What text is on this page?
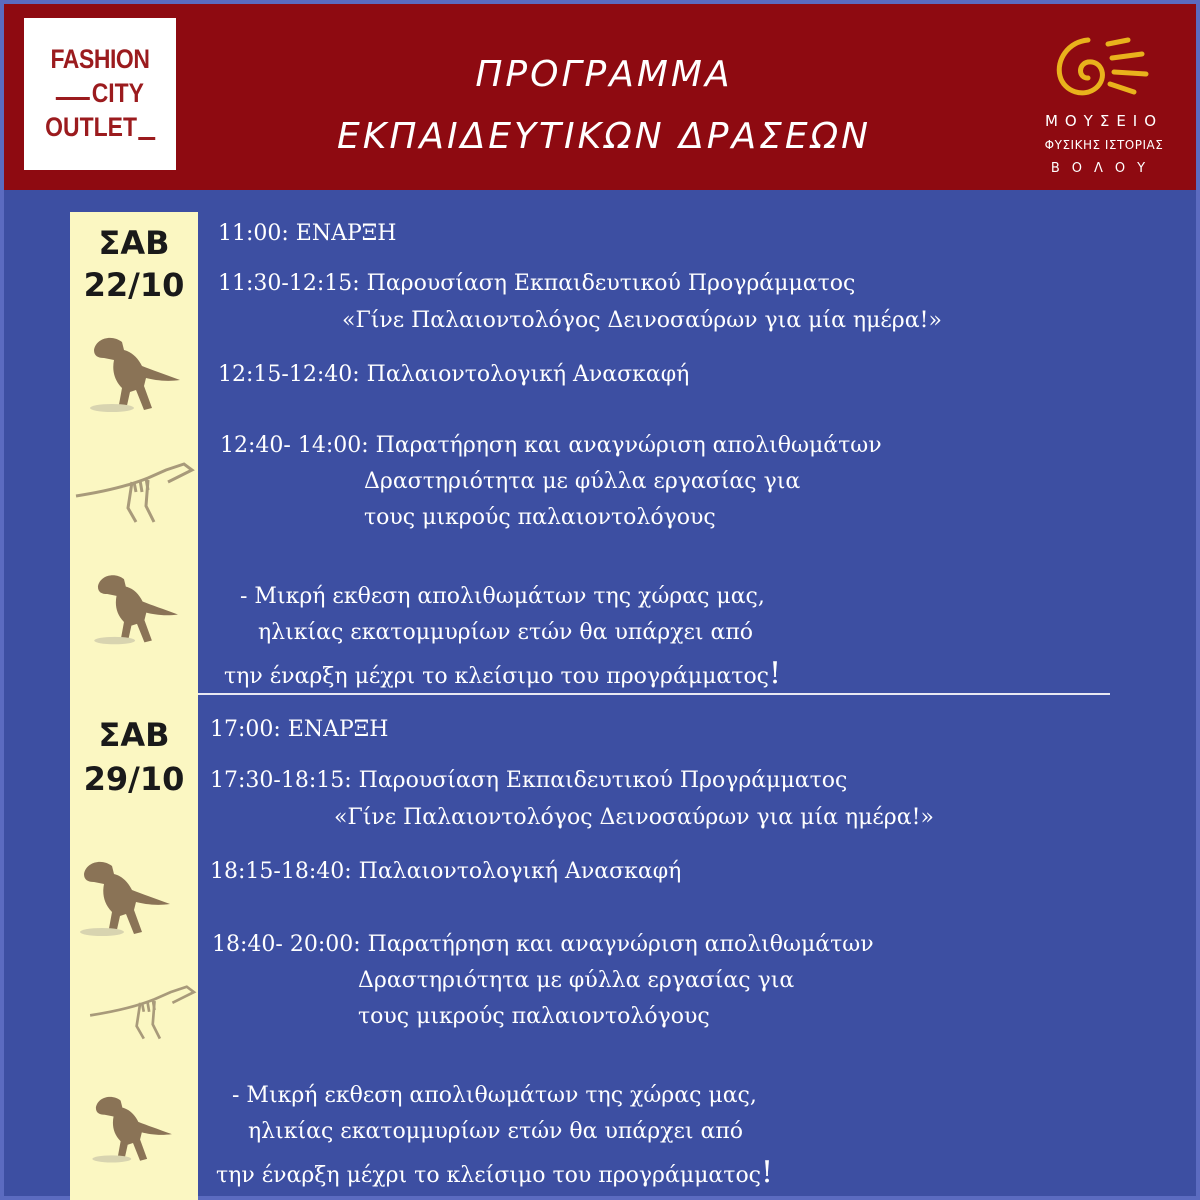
FASHION
CITY
OUTLET
ΠΡΟΓΡΑΜΜΑ
ΕΚΠΑΙΔΕΥΤΙΚΩΝ ΔΡΑΣΕΩΝ	ΜΟΥΣΕΙΟ
ΦΥΣΙΚΗΣ ΙΣΤΟΡΙΑΣ
ΒΟΛΟΥ
ΣΑΒ
22/10
ΣΑΒ
29/10
11:00: ΕΝΑΡΞΗ
11:30-12:15: Παρουσίαση Εκπαιδευτικού Προγράμματος
«Γίνε Παλαιοντολόγος Δεινοσαύρων για μία ημέρα!»
12:15-12:40: Παλαιοντολογική Ανασκαφή
12:40- 14:00: Παρατήρηση και αναγνώριση απολιθωμάτων
Δραστηριότητα με φύλλα εργασίας για
τους μικρούς παλαιοντολόγους
- Μικρή εκθεση απολιθωμάτων της χώρας μας,
ηλικίας εκατομμυρίων ετών θα υπάρχει από
την έναρξη μέχρι το κλείσιμο του προγράμματος!
17:00: ΕΝΑΡΞΗ
17:30-18:15: Παρουσίαση Εκπαιδευτικού Προγράμματος
«Γίνε Παλαιοντολόγος Δεινοσαύρων για μία ημέρα!»
18:15-18:40: Παλαιοντολογική Ανασκαφή
18:40- 20:00: Παρατήρηση και αναγνώριση απολιθωμάτων
Δραστηριότητα με φύλλα εργασίας για
τους μικρούς παλαιοντολόγους
- Μικρή εκθεση απολιθωμάτων της χώρας μας,
ηλικίας εκατομμυρίων ετών θα υπάρχει από
την έναρξη μέχρι το κλείσιμο του προγράμματος!
